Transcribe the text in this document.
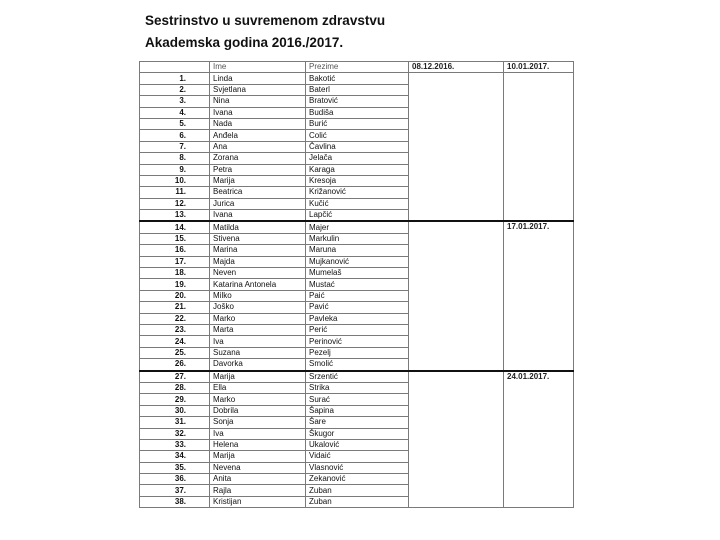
Sestrinstvo u suvremenom zdravstvu
Akademska godina 2016./2017.
	Ime	Prezime	08.12.2016.	10.01.2017.
1.	Linda	Bakotić		
2.	Svjetlana	Baterl		
3.	Nina	Bratović		
4.	Ivana	Budiša		
5.	Nada	Burić		
6.	Anđela	Colić		
7.	Ana	Čavlina		
8.	Zorana	Jelača		
9.	Petra	Karaga		
10.	Marija	Kresoja		
11.	Beatrica	Križanović		
12.	Jurica	Kučić		
13.	Ivana	Lapčić		
14.	Matilda	Majer		17.01.2017.
15.	Stivena	Markulin		
16.	Marina	Maruna		
17.	Majda	Mujkanović		
18.	Neven	Mumelaš		
19.	Katarina Antonela	Mustać		
20.	Milko	Paić		
21.	Joško	Pavić		
22.	Marko	Pavleka		
23.	Marta	Perić		
24.	Iva	Perinović		
25.	Suzana	Pezelj		
26.	Davorka	Smolić		
27.	Marija	Srzentić		24.01.2017.
28.	Ella	Strika		
29.	Marko	Surać		
30.	Dobrila	Šapina		
31.	Sonja	Šare		
32.	Iva	Škugor		
33.	Helena	Ukalović		
34.	Marija	Vidaić		
35.	Nevena	Vlasnović		
36.	Anita	Zekanović		
37.	Rajla	Zuban		
38.	Kristijan	Zuban		
